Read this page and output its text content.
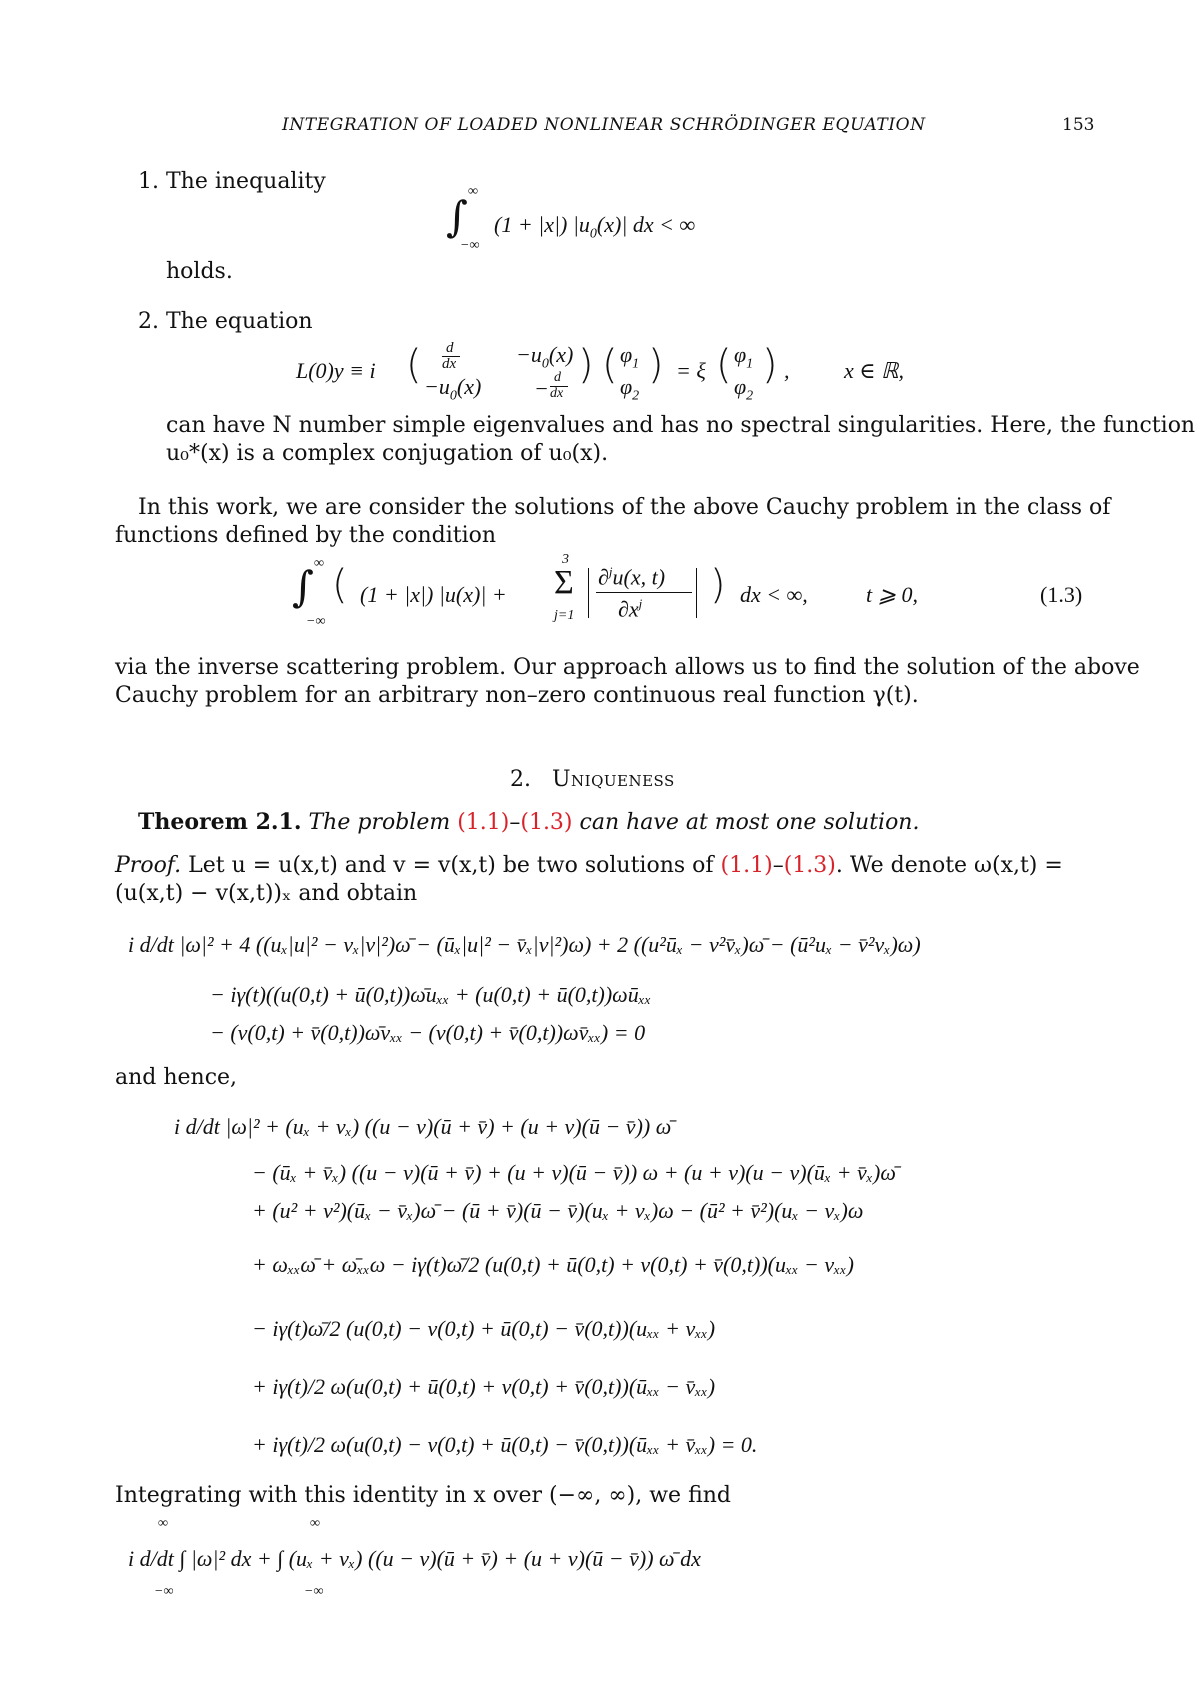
INTEGRATION OF LOADED NONLINEAR SCHRÖDINGER EQUATION	153
1. The inequality
∫
∞
−∞
(1 + |x|) $|u_0(x)|$ dx < ∞
holds.
2. The equation
L(0)y ≡ i ( d
dx	$-u_0(x)$
$-u_0(x) - d$
dx
) ( $\varphi_1$
$\varphi_2$
) = ξ ( $\varphi_1$
$\varphi_2$
) , x ∈ ℝ,
can have N number simple eigenvalues and has no spectral singularities. Here, the function
u₀*(x) is a complex conjugation of u₀(x).
In this work, we are consider the solutions of the above Cauchy problem in the class of
functions defined by the condition
∫ ∞
−∞
( (1 + |x|) |u(x)| + Σ
3
j=1
∂$^j$u(x, t)
$\partial x^j$ ) dx < ∞,	t ⩾ 0,	(1.3)
via the inverse scattering problem. Our approach allows us to find the solution of the above
Cauchy problem for an arbitrary non–zero continuous real function γ(t).
2. Uniqueness
Theorem 2.1. The problem (1.1)–(1.3) can have at most one solution.
Proof. Let u = u(x,t) and v = v(x,t) be two solutions of (1.1)–(1.3). We denote ω(x,t) =
(u(x,t) − v(x,t))ₓ and obtain
i d/dt |ω|² + 4 ((uₓ|u|² − vₓ|v|²)ω̄ − (ūₓ|u|² − v̄ₓ|v|²)ω) + 2 ((u²ūₓ − v²v̄ₓ)ω̄ − (ū²uₓ − v̄²vₓ)ω)
− iγ(t)((u(0,t) + ū(0,t))ω̄uₓₓ + (u(0,t) + ū(0,t))ωūₓₓ
− (v(0,t) + v̄(0,t))ω̄vₓₓ − (v(0,t) + v̄(0,t))ωv̄ₓₓ) = 0
and hence,
i d/dt |ω|² + (uₓ + vₓ) ((u − v)(ū + v̄) + (u + v)(ū − v̄)) ω̄
− (ūₓ + v̄ₓ) ((u − v)(ū + v̄) + (u + v)(ū − v̄)) ω + (u + v)(u − v)(ūₓ + v̄ₓ)ω̄
+ (u² + v²)(ūₓ − v̄ₓ)ω̄ − (ū + v̄)(ū − v̄)(uₓ + vₓ)ω − (ū² + v̄²)(uₓ − vₓ)ω
+ ωₓₓω̄ + ω̄ₓₓω − iγ(t)ω̄/2 (u(0,t) + ū(0,t) + v(0,t) + v̄(0,t))(uₓₓ − vₓₓ)
− iγ(t)ω̄/2 (u(0,t) − v(0,t) + ū(0,t) − v̄(0,t))(uₓₓ + vₓₓ)
+ iγ(t)/2 ω(u(0,t) + ū(0,t) + v(0,t) + v̄(0,t))(ūₓₓ − v̄ₓₓ)
+ iγ(t)/2 ω(u(0,t) − v(0,t) + ū(0,t) − v̄(0,t))(ūₓₓ + v̄ₓₓ) = 0.
Integrating with this identity in x over (−∞, ∞), we find
∞
−∞
∞
−∞
i d/dt ∫ |ω|² dx + ∫ (uₓ + vₓ) ((u − v)(ū + v̄) + (u + v)(ū − v̄)) ω̄ dx
